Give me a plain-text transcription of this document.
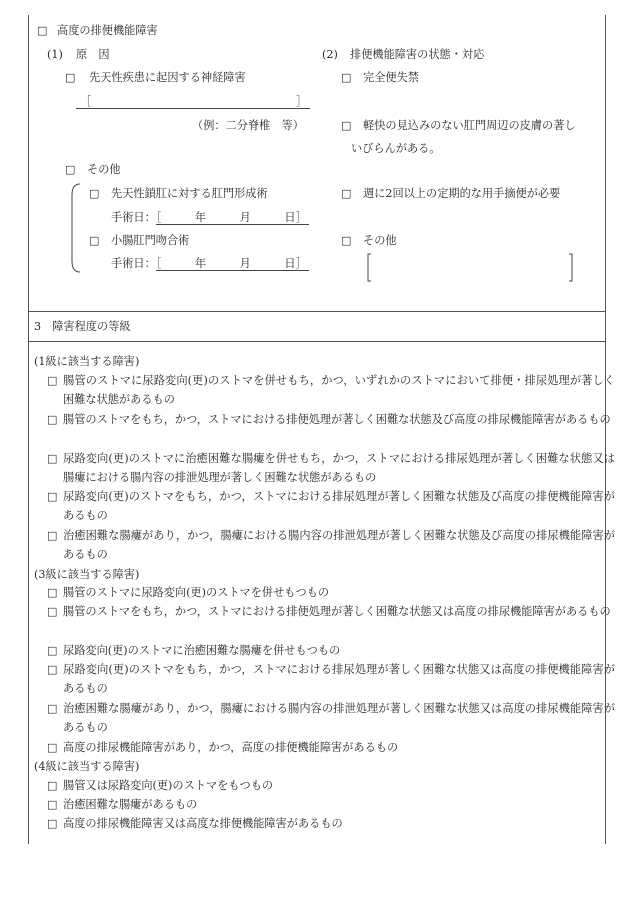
□ 高度の排便機能障害
(1) 原　因
□ 先天性疾患に起因する神経障害
［	］
（例：二分脊椎　等）
□ その他
□ 先天性鎖肛に対する肛門形成術
手術日：［　　　年　　　月　　　日］
□ 小腸肛門吻合術
手術日：［　　　年　　　月　　　日］
(2) 排便機能障害の状態・対応
□ 完全便失禁
□ 軽快の見込みのない肛門周辺の皮膚の著し
いびらんがある。
□ 週に2回以上の定期的な用手摘便が必要
□ その他
3　障害程度の等級
(1級に該当する障害)
□ 腸管のストマに尿路変向(更)のストマを併せもち，かつ，いずれかのストマにおいて排便・排尿処理が著しく困難な状態があるもの
□ 腸管のストマをもち，かつ，ストマにおける排便処理が著しく困難な状態及び高度の排尿機能障害があるもの
□ 尿路変向(更)のストマに治癒困難な腸瘻を併せもち，かつ，ストマにおける排尿処理が著しく困難な状態又は腸瘻における腸内容の排泄処理が著しく困難な状態があるもの
□ 尿路変向(更)のストマをもち，かつ，ストマにおける排尿処理が著しく困難な状態及び高度の排便機能障害があるもの
□ 治癒困難な腸瘻があり，かつ，腸瘻における腸内容の排泄処理が著しく困難な状態及び高度の排尿機能障害があるもの
(3級に該当する障害)
□ 腸管のストマに尿路変向(更)のストマを併せもつもの
□ 腸管のストマをもち，かつ，ストマにおける排便処理が著しく困難な状態又は高度の排尿機能障害があるもの
□ 尿路変向(更)のストマに治癒困難な腸瘻を併せもつもの
□ 尿路変向(更)のストマをもち，かつ，ストマにおける排尿処理が著しく困難な状態又は高度の排便機能障害があるもの
□ 治癒困難な腸瘻があり，かつ，腸瘻における腸内容の排泄処理が著しく困難な状態又は高度の排尿機能障害があるもの
□ 高度の排尿機能障害があり，かつ，高度の排便機能障害があるもの
(4級に該当する障害)
□ 腸管又は尿路変向(更)のストマをもつもの
□ 治癒困難な腸瘻があるもの
□ 高度の排尿機能障害又は高度な排便機能障害があるもの
